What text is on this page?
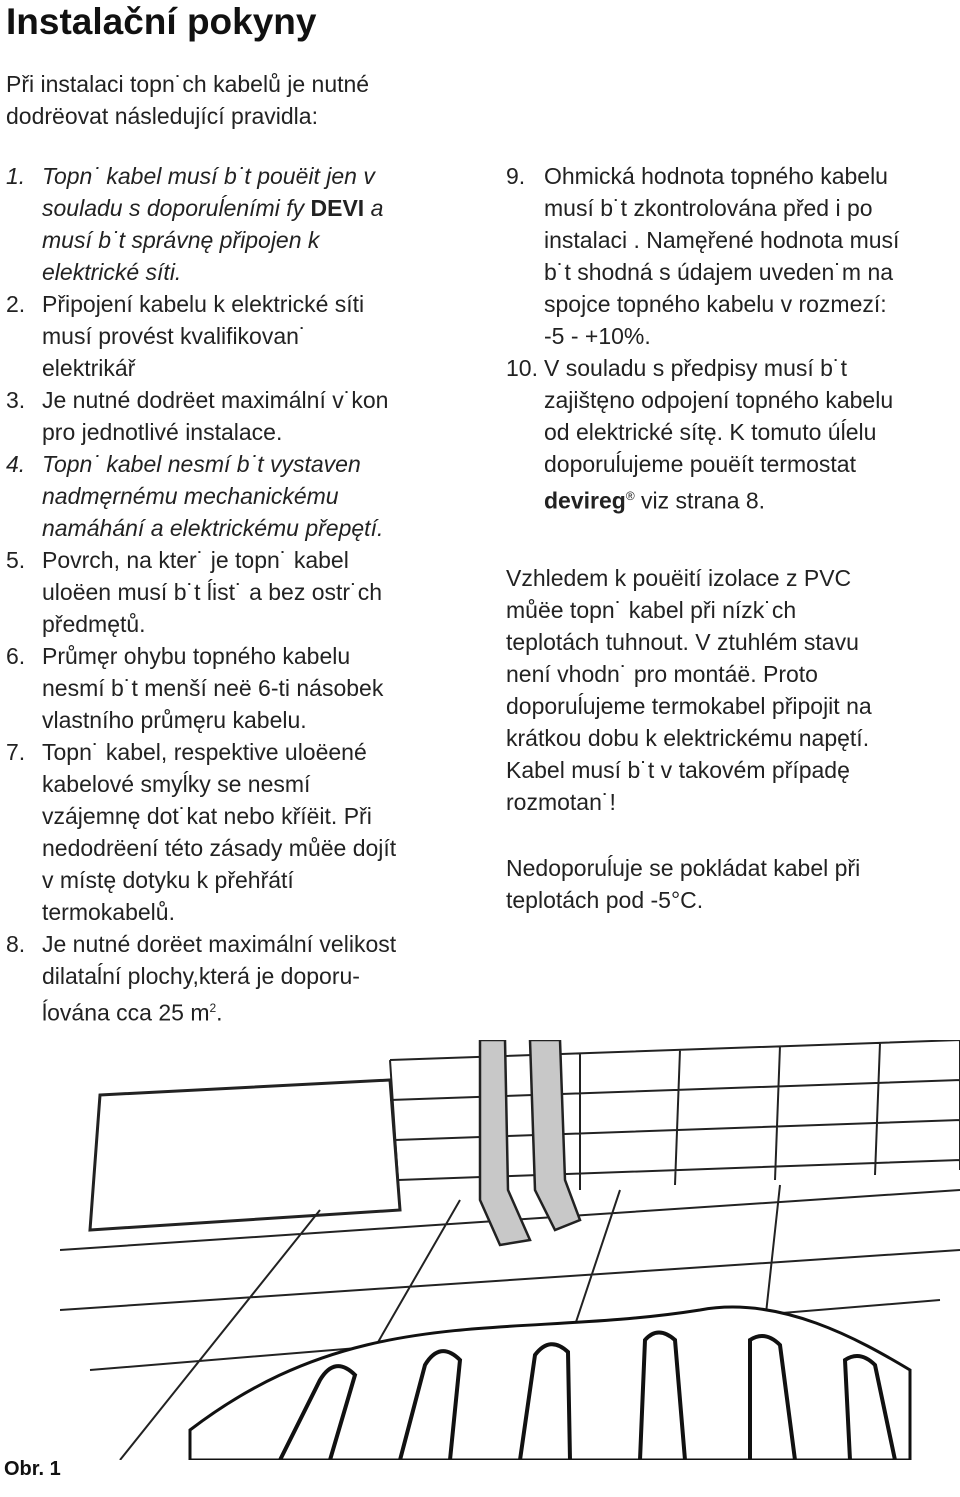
Instalační pokyny
Při instalaci topn˙ch kabelů je nutné
dodrëovat následující pravidla:
1. Topn˙ kabel musí b˙t pouëit jen v
souladu s doporuĺeními fy DEVI a
musí b˙t správnę připojen k
elektrické síti.
2. Připojení kabelu k elektrické síti
musí provést kvalifikovan˙
elektrikář
3. Je nutné dodrëet maximální v˙kon
pro jednotlivé instalace.
4. Topn˙ kabel nesmí b˙t vystaven
nadmęrnému mechanickému
namáhání a elektrickému přepętí.
5. Povrch, na kter˙ je topn˙ kabel
uloëen musí b˙t ĺist˙ a bez ostr˙ch
předmętů.
6. Průmęr ohybu topného kabelu
nesmí b˙t menší neë 6-ti násobek
vlastního průmęru kabelu.
7. Topn˙ kabel, respektive uloëené
kabelové smyĺky se nesmí
vzájemnę dot˙kat nebo kříëit. Při
nedodrëení této zásady můëe dojít
v místę dotyku k přehřátí
termokabelů.
8. Je nutné dorëet maximální velikost
dilataĺní plochy,která je doporu-
ĺována cca 25 $m^2$.
9. Ohmická hodnota topného kabelu
musí b˙t zkontrolována před i po
instalaci . Namęřené hodnota musí
b˙t shodná s údajem uveden˙m na
spojce topného kabelu v rozmezí:
-5 - +10%.
10. V souladu s předpisy musí b˙t
zajištęno odpojení topného kabelu
od elektrické sítę. K tomuto úĺelu
doporuĺujeme pouëít termostat
devireg® viz strana 8.
Vzhledem k pouëití izolace z PVC
můëe topn˙ kabel při nízk˙ch
teplotách tuhnout. V ztuhlém stavu
není vhodn˙ pro montáë. Proto
doporuĺujeme termokabel připojit na
krátkou dobu k elektrickému napętí.
Kabel musí b˙t v takovém případę
rozmotan˙!
Nedoporuĺuje se pokládat kabel při
teplotách pod -5°C.
Obr. 1
